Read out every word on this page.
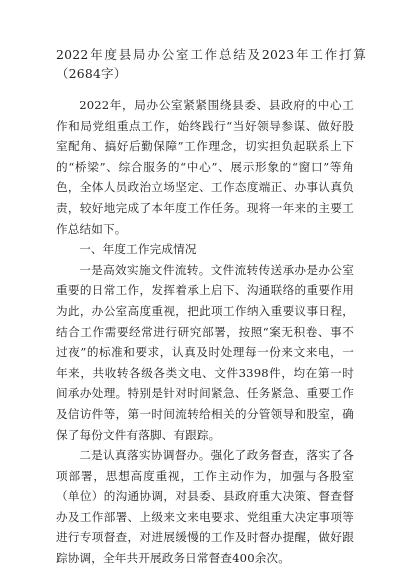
2022年度县局办公室工作总结及2023年工作打算（2684字）

2022年，局办公室紧紧围绕县委、县政府的中心工作和局党组重点工作，始终践行“当好领导参谋、做好股室配角、搞好后勤保障”工作理念，切实担负起联系上下的“桥梁”、综合服务的“中心”、展示形象的“窗口”等角色，全体人员政治立场坚定、工作态度端正、办事认真负责，较好地完成了本年度工作任务。现将一年来的主要工作总结如下。

一、年度工作完成情况

一是高效实施文件流转。文件流转传送承办是办公室重要的日常工作，发挥着承上启下、沟通联络的重要作用为此，办公室高度重视，把此项工作纳入重要议事日程，结合工作需要经常进行研究部署，按照“案无积卷、事不过夜”的标准和要求，认真及时处理每一份来文来电，一年来，共收转各级各类文电、文件3398件，均在第一时间承办处理。特别是针对时间紧急、任务紧急、重要工作及信访件等，第一时间流转给相关的分管领导和股室，确保了每份文件有落脚、有跟踪。

二是认真落实协调督办。强化了政务督查，落实了各项部署，思想高度重视，工作主动作为，加强与各股室（单位）的沟通协调，对县委、县政府重大决策、督查督办及工作部署、上级来文来电要求、党组重大决定事项等进行专项督查，对进展缓慢的工作及时督办提醒，做好跟踪协调，全年共开展政务日常督查400余次。
